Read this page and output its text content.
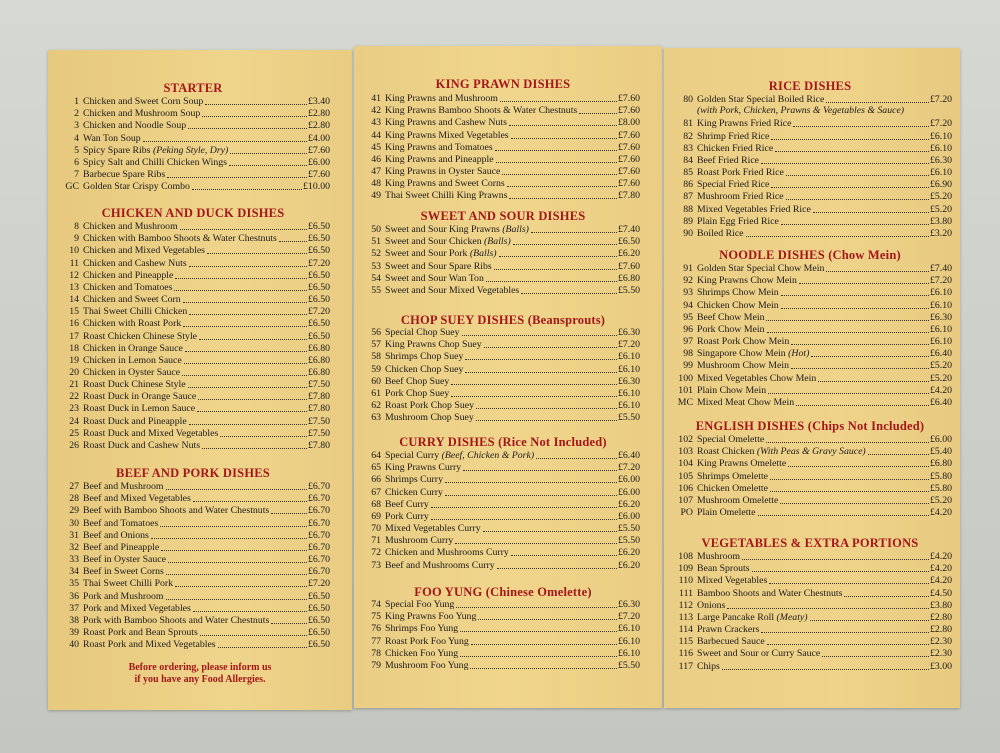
Before ordering, please inform us
if you have any Food Allergies.
STARTER
1 Chicken and Sweet Corn Soup	£3.40
2 Chicken and Mushroom Soup	£2.80
3 Chicken and Noodle Soup	£2.80
4 Wan Ton Soup	£4.00
5 Spicy Spare Ribs (Peking Style, Dry)	£7.60
6 Spicy Salt and Chilli Chicken Wings	£6.00
7 Barbecue Spare Ribs	£7.60
GC Golden Star Crispy Combo	£10.00
CHICKEN AND DUCK DISHES
8 Chicken and Mushroom	£6.50
9 Chicken with Bamboo Shoots & Water Chestnuts	£6.50
10 Chicken and Mixed Vegetables	£6.50
11 Chicken and Cashew Nuts	£7.20
12 Chicken and Pineapple	£6.50
13 Chicken and Tomatoes	£6.50
14 Chicken and Sweet Corn	£6.50
15 Thai Sweet Chilli Chicken	£7.20
16 Chicken with Roast Pork	£6.50
17 Roast Chicken Chinese Style	£6.50
18 Chicken in Orange Sauce	£6.80
19 Chicken in Lemon Sauce	£6.80
20 Chicken in Oyster Sauce	£6.80
21 Roast Duck Chinese Style	£7.50
22 Roast Duck in Orange Sauce	£7.80
23 Roast Duck in Lemon Sauce	£7.80
24 Roast Duck and Pineapple	£7.50
25 Roast Duck and Mixed Vegetables	£7.50
26 Roast Duck and Cashew Nuts	£7.80
BEEF AND PORK DISHES
27 Beef and Mushroom	£6.70
28 Beef and Mixed Vegetables	£6.70
29 Beef with Bamboo Shoots and Water Chestnuts	£6.70
30 Beef and Tomatoes	£6.70
31 Beef and Onions	£6.70
32 Beef and Pineapple	£6.70
33 Beef in Oyster Sauce	£6.70
34 Beef in Sweet Corns	£6.70
35 Thai Sweet Chilli Pork	£7.20
36 Pork and Mushroom	£6.50
37 Pork and Mixed Vegetables	£6.50
38 Pork with Bamboo Shoots and Water Chestnuts	£6.50
39 Roast Pork and Bean Sprouts	£6.50
40 Roast Pork and Mixed Vegetables	£6.50
KING PRAWN DISHES
41 King Prawns and Mushroom	£7.60
42 King Prawns Bamboo Shoots & Water Chestnuts	£7.60
43 King Prawns and Cashew Nuts	£8.00
44 King Prawns Mixed Vegetables	£7.60
45 King Prawns and Tomatoes	£7.60
46 King Prawns and Pineapple	£7.60
47 King Prawns in Oyster Sauce	£7.60
48 King Prawns and Sweet Corns	£7.60
49 Thai Sweet Chilli King Prawns	£7.80
SWEET AND SOUR DISHES
50 Sweet and Sour King Prawns (Balls)	£7.40
51 Sweet and Sour Chicken (Balls)	£6.50
52 Sweet and Sour Pork (Balls)	£6.20
53 Sweet and Sour Spare Ribs	£7.60
54 Sweet and Sour Wan Ton	£6.80
55 Sweet and Sour Mixed Vegetables	£5.50
CHOP SUEY DISHES (Beansprouts)
56 Special Chop Suey	£6.30
57 King Prawns Chop Suey	£7.20
58 Shrimps Chop Suey	£6.10
59 Chicken Chop Suey	£6.10
60 Beef Chop Suey	£6.30
61 Pork Chop Suey	£6.10
62 Roast Pork Chop Suey	£6.10
63 Mushroom Chop Suey	£5.50
CURRY DISHES (Rice Not Included)
64 Special Curry (Beef, Chicken & Pork)	£6.40
65 King Prawns Curry	£7.20
66 Shrimps Curry	£6.00
67 Chicken Curry	£6.00
68 Beef Curry	£6.20
69 Pork Curry	£6.00
70 Mixed Vegetables Curry	£5.50
71 Mushroom Curry	£5.50
72 Chicken and Mushrooms Curry	£6.20
73 Beef and Mushrooms Curry	£6.20
FOO YUNG (Chinese Omelette)
74 Special Foo Yung	£6.30
75 King Prawns Foo Yung	£7.20
76 Shrimps Foo Yung	£6.10
77 Roast Pork Foo Yung	£6.10
78 Chicken Foo Yung	£6.10
79 Mushroom Foo Yung	£5.50
RICE DISHES
80 Golden Star Special Boiled Rice	£7.20
(with Pork, Chicken, Prawns & Vegetables & Sauce)
81 King Prawns Fried Rice	£7.20
82 Shrimp Fried Rice	£6.10
83 Chicken Fried Rice	£6.10
84 Beef Fried Rice	£6.30
85 Roast Pork Fried Rice	£6.10
86 Special Fried Rice	£6.90
87 Mushroom Fried Rice	£5.20
88 Mixed Vegetables Fried Rice	£5.20
89 Plain Egg Fried Rice	£3.80
90 Boiled Rice	£3.20
NOODLE DISHES (Chow Mein)
91 Golden Star Special Chow Mein	£7.40
92 King Prawns Chow Mein	£7.20
93 Shrimps Chow Mein	£6.10
94 Chicken Chow Mein	£6.10
95 Beef Chow Mein	£6.30
96 Pork Chow Mein	£6.10
97 Roast Pork Chow Mein	£6.10
98 Singapore Chow Mein (Hot)	£6.40
99 Mushroom Chow Mein	£5.20
100 Mixed Vegetables Chow Mein	£5.20
101 Plain Chow Mein	£4.20
MC Mixed Meat Chow Mein	£6.40
ENGLISH DISHES (Chips Not Included)
102 Special Omelette	£6.00
103 Roast Chicken (With Peas & Gravy Sauce)	£5.40
104 King Prawns Omelette	£6.80
105 Shrimps Omelette	£5.80
106 Chicken Omelette	£5.80
107 Mushroom Omelette	£5.20
PO Plain Omelette	£4.20
VEGETABLES & EXTRA PORTIONS
108 Mushroom	£4.20
109 Bean Sprouts	£4.20
110 Mixed Vegetables	£4.20
111 Bamboo Shoots and Water Chestnuts	£4.50
112 Onions	£3.80
113 Large Pancake Roll (Meaty)	£2.80
114 Prawn Crackers	£2.80
115 Barbecued Sauce	£2.30
116 Sweet and Sour or Curry Sauce	£2.30
117 Chips	£3.00
